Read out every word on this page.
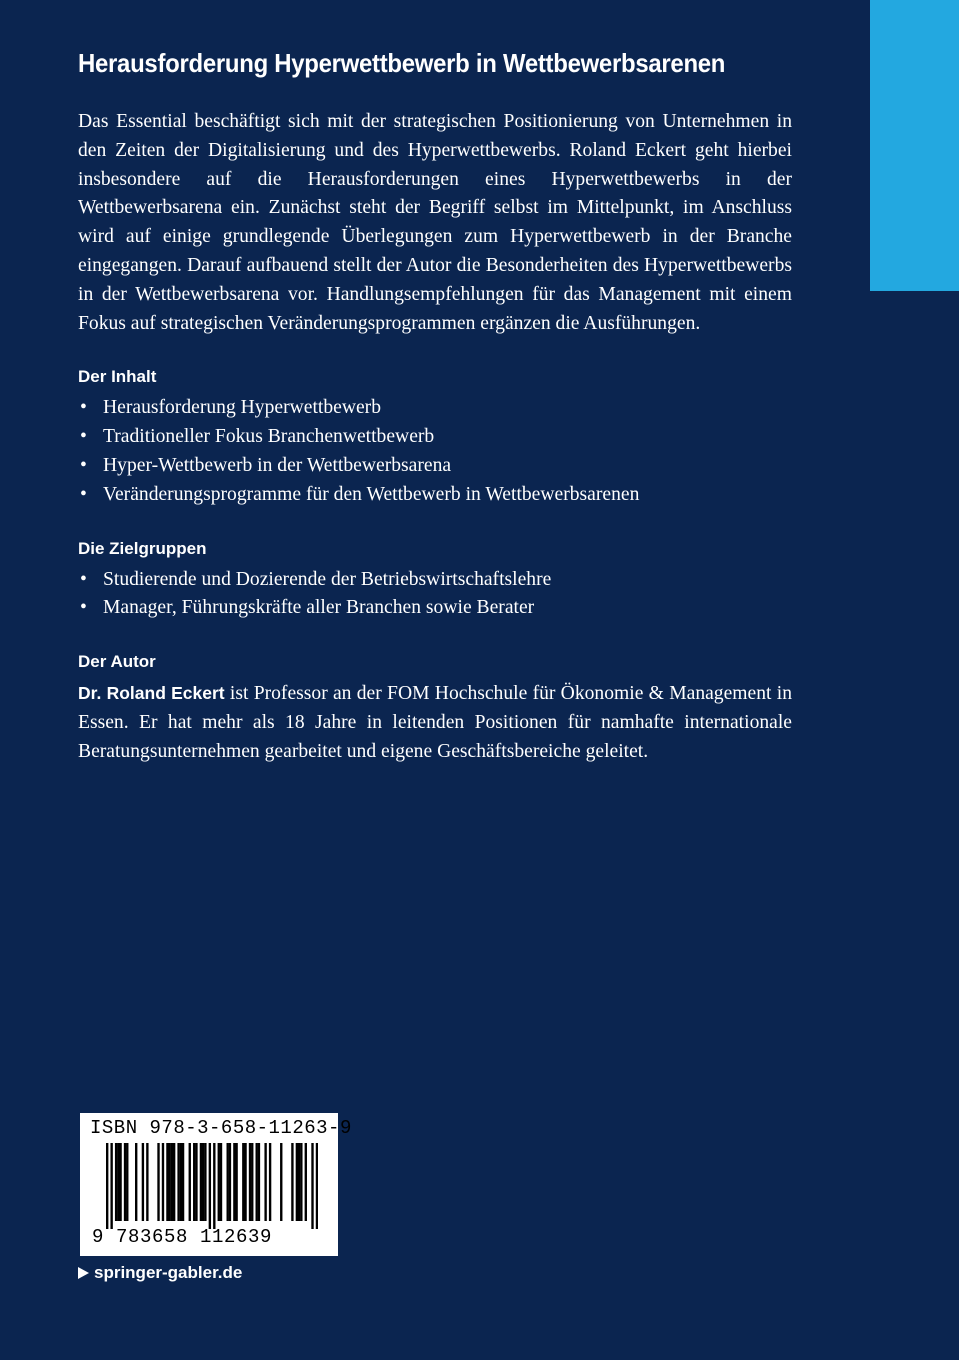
Herausforderung Hyperwettbewerb in Wettbewerbsarenen

Das Essential beschäftigt sich mit der strategischen Positionierung von Unternehmen in den Zeiten der Digitalisierung und des Hyperwettbewerbs. Roland Eckert geht hierbei insbesondere auf die Herausforderungen eines Hyperwettbewerbs in der Wettbewerbsarena ein. Zunächst steht der Begriff selbst im Mittelpunkt, im Anschluss wird auf einige grundlegende Überlegungen zum Hyperwettbewerb in der Branche eingegangen. Darauf aufbauend stellt der Autor die Besonderheiten des Hyperwettbewerbs in der Wettbewerbsarena vor. Handlungsempfehlungen für das Management mit einem Fokus auf strategischen Veränderungsprogrammen ergänzen die Ausführungen.

Der Inhalt
• Herausforderung Hyperwettbewerb
• Traditioneller Fokus Branchenwettbewerb
• Hyper-Wettbewerb in der Wettbewerbsarena
• Veränderungsprogramme für den Wettbewerb in Wettbewerbsarenen
Die Zielgruppen
• Studierende und Dozierende der Betriebswirtschaftslehre
• Manager, Führungskräfte aller Branchen sowie Berater
Der Autor

Dr. Roland Eckert ist Professor an der FOM Hochschule für Ökonomie & Management in Essen. Er hat mehr als 18 Jahre in leitenden Positionen für namhafte internationale Beratungsunternehmen gearbeitet und eigene Geschäftsbereiche geleitet.

ISBN 978-3-658-11263-9
9 783658 112639
springer-gabler.de
